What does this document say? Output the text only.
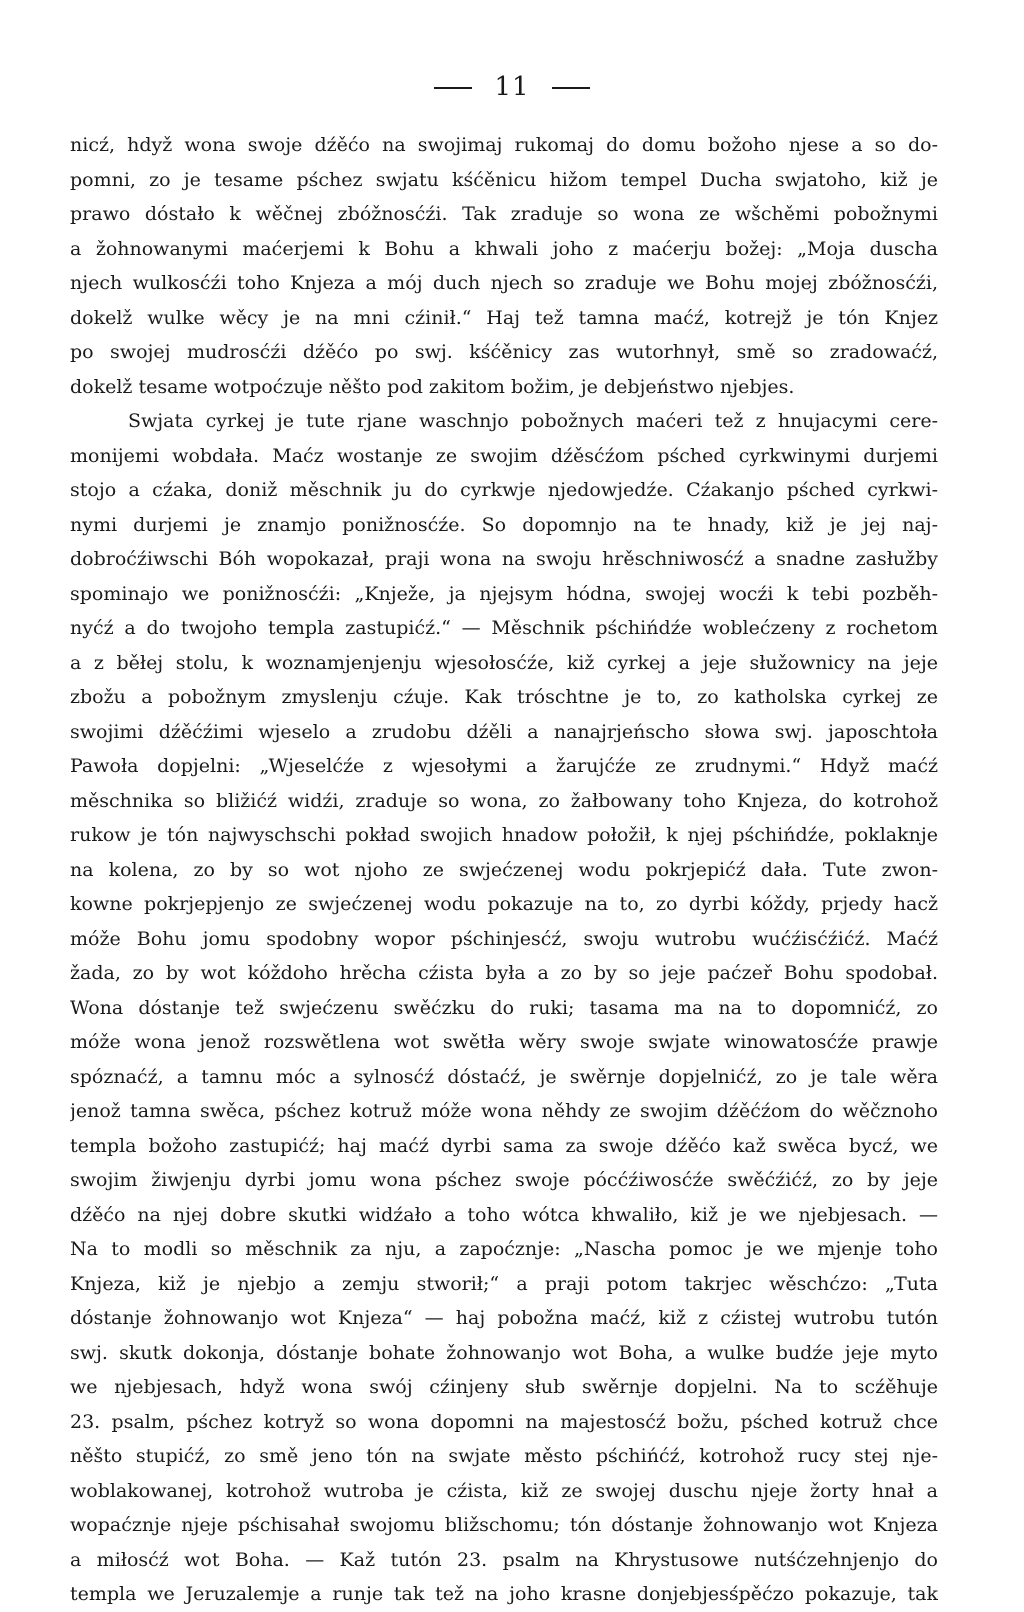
11
nicź, hdyž wona swoje dźěćo na swojimaj rukomaj do domu božoho njese a so do-
pomni, zo je tesame pśchez swjatu kśćěnicu hižom tempel Ducha swjatoho, kiž je
prawo dóstało k wěčnej zbóžnosćźi. Tak zraduje so wona ze wšchěmi pobožnymi
a žohnowanymi maćerjemi k Bohu a khwali joho z maćerju božej: „Moja duscha
njech wulkosćźi toho Knjeza a mój duch njech so zraduje we Bohu mojej zbóžnosćźi,
dokelž wulke wěcy je na mni cźinił.“ Haj tež tamna maćź, kotrejž je tón Knjez
po swojej mudrosćźi dźěćo po swj. kśćěnicy zas wutorhnył, smě so zradowaćź,
dokelž tesame wotpoćzuje něšto pod zakitom božim, je debjeństwo njebjes.
Swjata cyrkej je tute rjane waschnjo pobožnych maćeri tež z hnujacymi cere-
monijemi wobdała. Maćz wostanje ze swojim dźěsćźom pśched cyrkwinymi durjemi
stojo a cźaka, doniž měschnik ju do cyrkwje njedowjedźe. Cźakanjo pśched cyrkwi-
nymi durjemi je znamjo ponižnosćźe. So dopomnjo na te hnady, kiž je jej naj-
dobroćźiwschi Bóh wopokazał, praji wona na swoju hrěschniwosćź a snadne zasłužby
spominajo we ponižnosćźi: „Knježe, ja njejsym hódna, swojej wocźi k tebi pozběh-
nyćź a do twojoho templa zastupićź.“ — Měschnik pśchińdźe woblećzeny z rochetom
a z běłej stolu, k woznamjenjenju wjesołosćźe, kiž cyrkej a jeje słužownicy na jeje
zbožu a pobožnym zmyslenju cźuje. Kak tróschtne je to, zo katholska cyrkej ze
swojimi dźěćźimi wjeselo a zrudobu dźěli a nanajrjeńscho słowa swj. japoschtoła
Pawoła dopjelni: „Wjeselćźe z wjesołymi a žarujćźe ze zrudnymi.“ Hdyž maćź
měschnika so bližićź widźi, zraduje so wona, zo žałbowany toho Knjeza, do kotrohož
rukow je tón najwyschschi pokład swojich hnadow połožił, k njej pśchińdźe, poklaknje
na kolena, zo by so wot njoho ze swjećzenej wodu pokrjepićź dała. Tute zwon-
kowne pokrjepjenjo ze swjećzenej wodu pokazuje na to, zo dyrbi kóždy, prjedy hacž
móže Bohu jomu spodobny wopor pśchinjesćź, swoju wutrobu wućźisćźićź. Maćź
žada, zo by wot kóždoho hrěcha cźista była a zo by so jeje paćzeř Bohu spodobał.
Wona dóstanje tež swjećzenu swěćzku do ruki; tasama ma na to dopomnićź, zo
móže wona jenož rozswětlena wot swětła wěry swoje swjate winowatosćźe prawje
spóznaćź, a tamnu móc a sylnosćź dóstaćź, je swěrnje dopjelnićź, zo je tale wěra
jenož tamna swěca, pśchez kotruž móže wona něhdy ze swojim dźěćźom do wěčznoho
templa božoho zastupićź; haj maćź dyrbi sama za swoje dźěćo kaž swěca bycź, we
swojim žiwjenju dyrbi jomu wona pśchez swoje pócćźiwosćźe swěćźićź, zo by jeje
dźěćo na njej dobre skutki widźało a toho wótca khwaliło, kiž je we njebjesach. —
Na to modli so měschnik za nju, a zapoćznje: „Nascha pomoc je we mjenje toho
Knjeza, kiž je njebjo a zemju stworił;“ a praji potom takrjec wěschćzo: „Tuta
dóstanje žohnowanjo wot Knjeza“ — haj pobožna maćź, kiž z cźistej wutrobu tutón
swj. skutk dokonja, dóstanje bohate žohnowanjo wot Boha, a wulke budźe jeje myto
we njebjesach, hdyž wona swój cźinjeny słub swěrnje dopjelni. Na to scźěhuje
23. psalm, pśchez kotryž so wona dopomni na majestosćź božu, pśched kotruž chce
něšto stupićź, zo smě jeno tón na swjate město pśchińćź, kotrohož rucy stej nje-
woblakowanej, kotrohož wutroba je cźista, kiž ze swojej duschu njeje žorty hnał a
wopaćznje njeje pśchisahał swojomu bližschomu; tón dóstanje žohnowanjo wot Knjeza
a miłosćź wot Boha. — Kaž tutón 23. psalm na Khrystusowe nutśćzehnjenjo do
templa we Jeruzalemje a runje tak tež na joho krasne donjebjesśpěćzo pokazuje, tak
